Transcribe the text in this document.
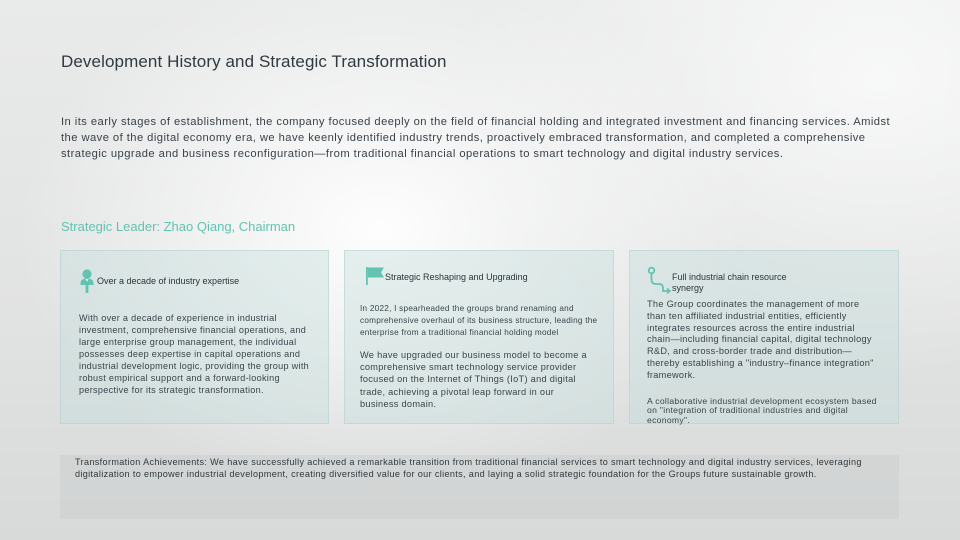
Development History and Strategic Transformation

In its early stages of establishment, the company focused deeply on the field of financial holding and integrated investment and financing services. Amidst the wave of the digital economy era, we have keenly identified industry trends, proactively embraced transformation, and completed a comprehensive strategic upgrade and business reconfiguration—from traditional financial operations to smart technology and digital industry services.

Strategic Leader: Zhao Qiang, Chairman
Over a decade of industry expertise

With over a decade of experience in industrial investment, comprehensive financial operations, and large enterprise group management, the individual possesses deep expertise in capital operations and industrial development logic, providing the group with robust empirical support and a forward-looking perspective for its strategic transformation.

Strategic Reshaping and Upgrading

In 2022, I spearheaded the groups brand renaming and comprehensive overhaul of its business structure, leading the enterprise from a traditional financial holding model

We have upgraded our business model to become a comprehensive smart technology service provider focused on the Internet of Things (IoT) and digital trade, achieving a pivotal leap forward in our business domain.

Full industrial chain resource synergy

The Group coordinates the management of more than ten affiliated industrial entities, efficiently integrates resources across the entire industrial chain—including financial capital, digital technology R&D, and cross-border trade and distribution—thereby establishing a "industry–finance integration" framework.

A collaborative industrial development ecosystem based on "integration of traditional industries and digital economy".

Transformation Achievements: We have successfully achieved a remarkable transition from traditional financial services to smart technology and digital industry services, leveraging digitalization to empower industrial development, creating diversified value for our clients, and laying a solid strategic foundation for the Groups future sustainable growth.
